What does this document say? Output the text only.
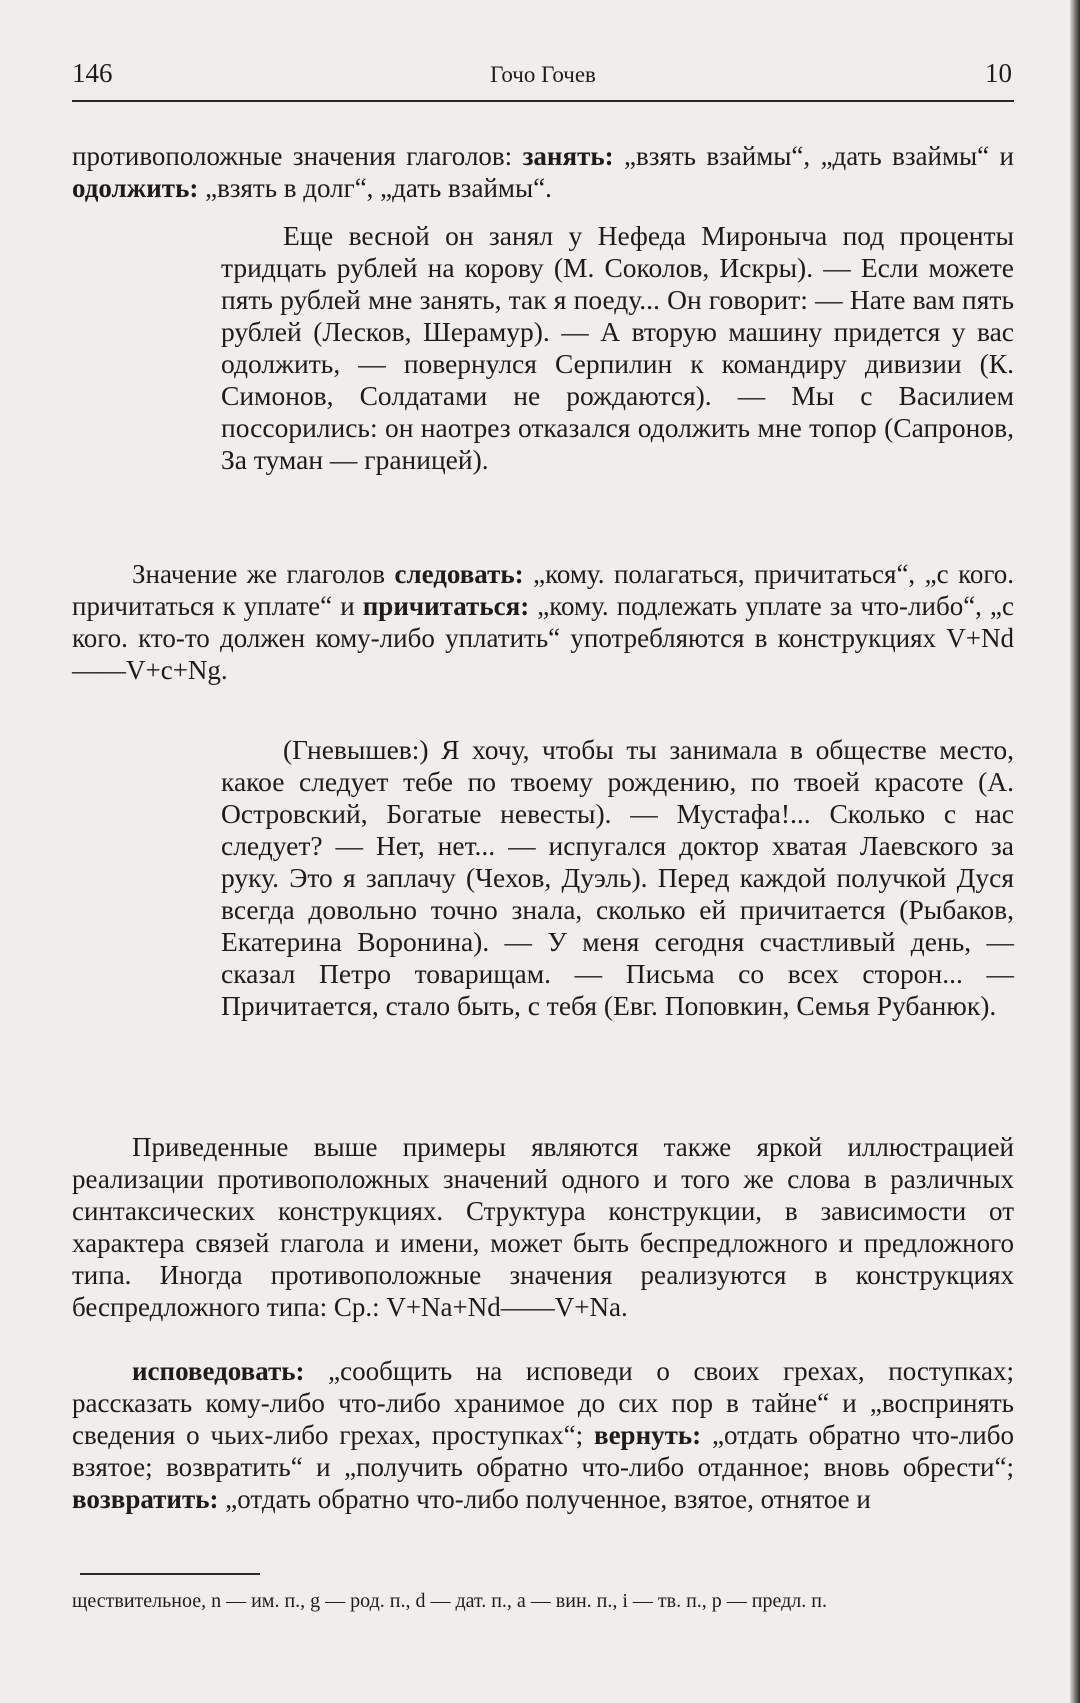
146	Гочо Гочев	10

противоположные значения глаголов: занять: „взять взаймы“, „дать взаймы“ и одолжить: „взять в долг“, „дать взаймы“.

Еще весной он занял у Нефеда Мироныча под проценты тридцать рублей на корову (М. Соколов, Искры). — Если можете пять рублей мне занять, так я поеду... Он говорит: — Нате вам пять рублей (Лесков, Шерамур). — А вторую машину придется у вас одолжить, — повернулся Серпилин к командиру дивизии (К. Симонов, Солдатами не рождаются). — Мы с Василием поссорились: он наотрез отказался одолжить мне топор (Сапронов, За туман — границей).

Значение же глаголов следовать: „кому. полагаться, причитаться“, „с кого. причитаться к уплате“ и причитаться: „кому. подлежать уплате за что-либо“, „с кого. кто-то должен кому-либо уплатить“ употребляются в конструкциях V+Nd——V+c+Ng.

(Гневышев:) Я хочу, чтобы ты занимала в обществе место, какое следует тебе по твоему рождению, по твоей красоте (А. Островский, Богатые невесты). — Мустафа!... Сколько с нас следует? — Нет, нет... — испугался доктор хватая Лаевского за руку. Это я заплачу (Чехов, Дуэль). Перед каждой получкой Дуся всегда довольно точно знала, сколько ей причитается (Рыбаков, Екатерина Воронина). — У меня сегодня счастливый день, — сказал Петро товарищам. — Письма со всех сторон... — Причитается, стало быть, с тебя (Евг. Поповкин, Семья Рубанюк).

Приведенные выше примеры являются также яркой иллюстрацией реализации противоположных значений одного и того же слова в различных синтаксических конструкциях. Структура конструкции, в зависимости от характера связей глагола и имени, может быть беспредложного и предложного типа. Иногда противоположные значения реализуются в конструкциях беспредложного типа: Ср.: V+Na+Nd——V+Na.

исповедовать: „сообщить на исповеди о своих грехах, поступках; рассказать кому-либо что-либо хранимое до сих пор в тайне“ и „воспринять сведения о чьих-либо грехах, проступках“; вернуть: „отдать обратно что-либо взятое; возвратить“ и „получить обратно что-либо отданное; вновь обрести“; возвратить: „отдать обратно что-либо полученное, взятое, отнятое и

ществительное, n — им. п., g — род. п., d — дат. п., a — вин. п., i — тв. п., p — предл. п.
